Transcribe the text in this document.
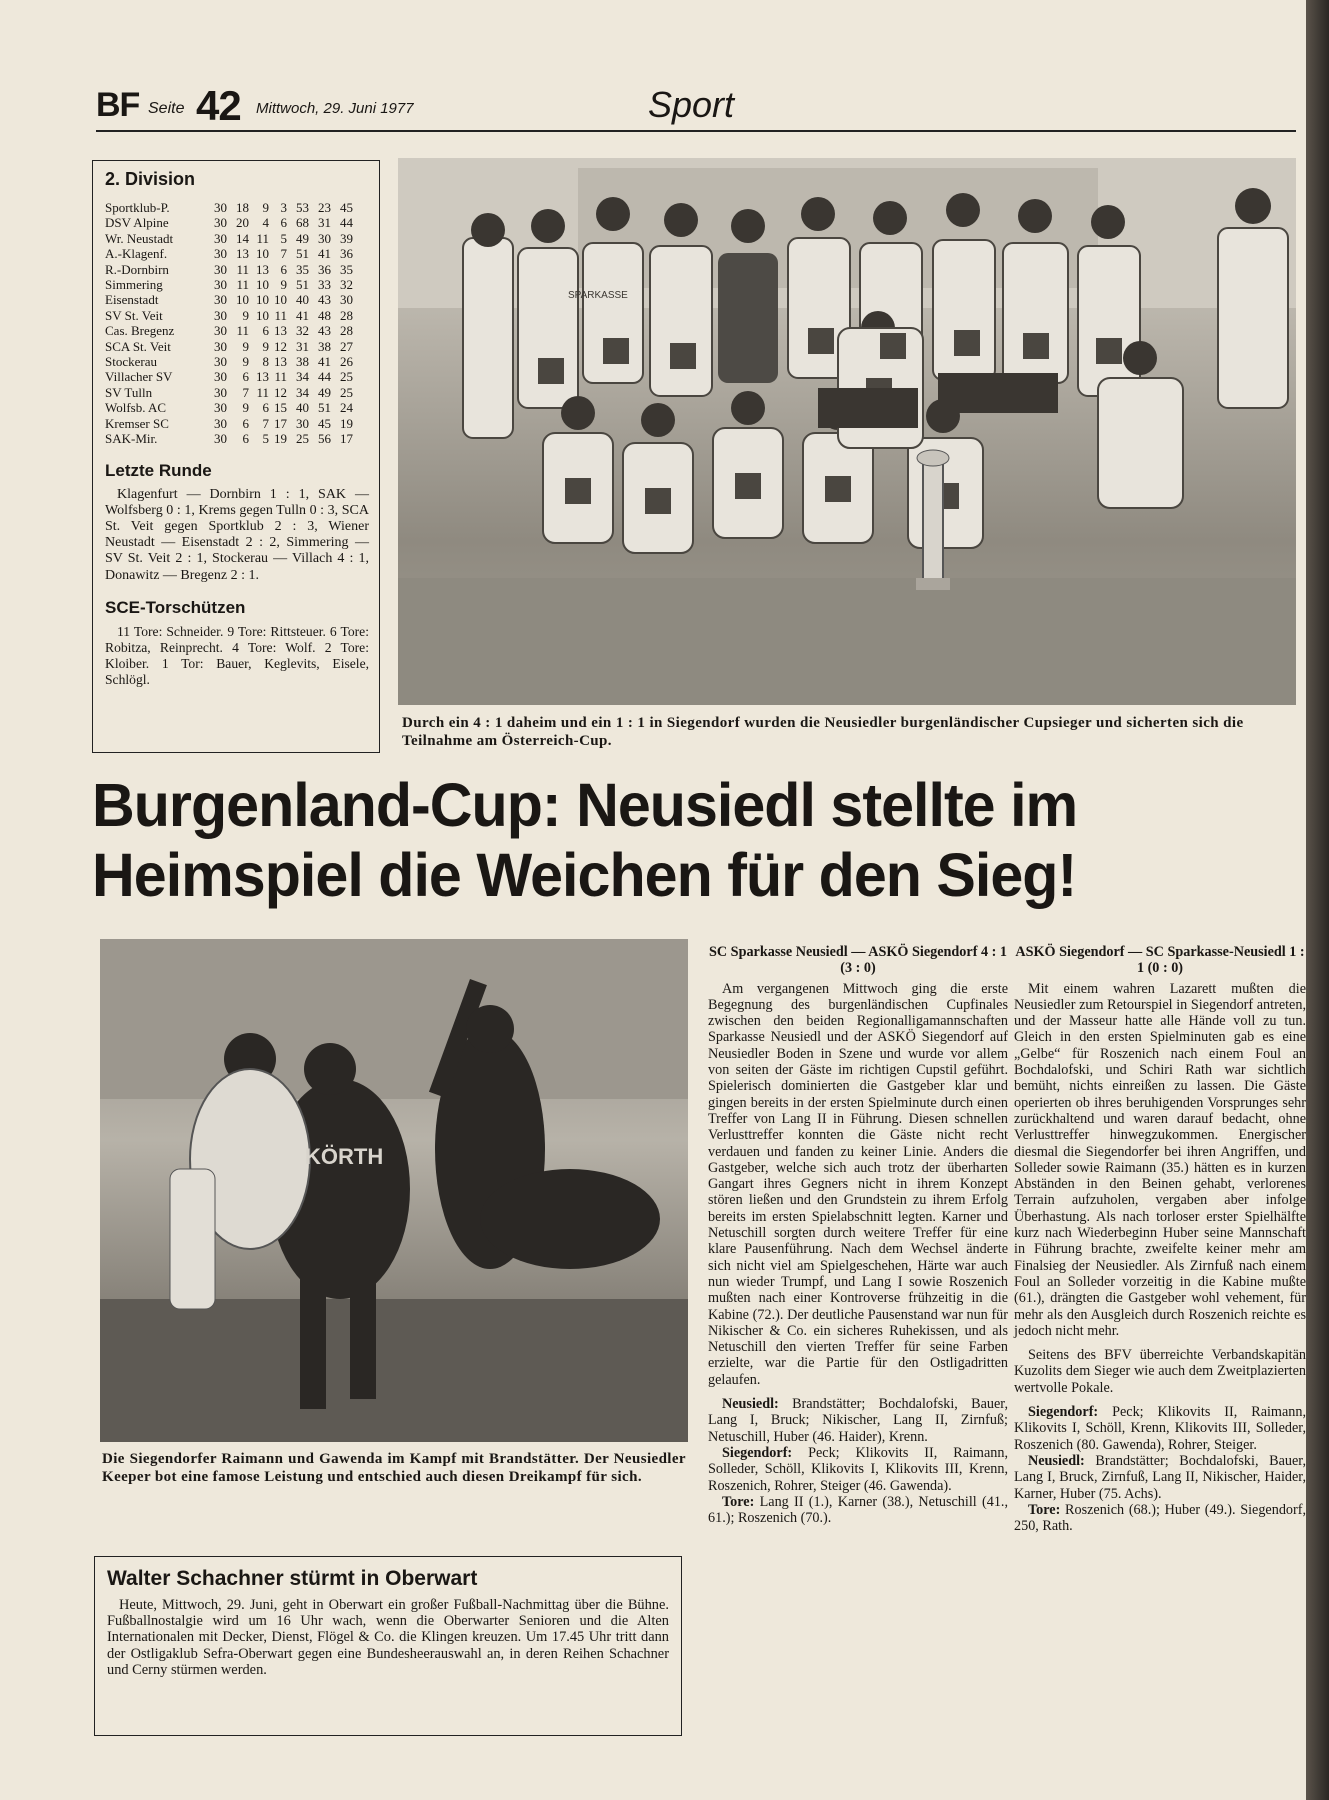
BF Seite 42 Mittwoch, 29. Juni 1977	Sport
2. Division
Sportklub-P.	30 18	9 3 53 23 45
DSV Alpine	30 20	4 6 68 31 44
Wr. Neustadt	30 14 11 5 49 30 39
A.-Klagenf.	30 13 10 7 51 41 36
R.-Dornbirn	30 11 13 6 35 36 35
Simmering	30 11 10 9 51 33 32
Eisenstadt	30 10 10 10 40 43 30
SV St. Veit	30	9 10 11 41 48 28
Cas. Bregenz	30 11	6 13 32 43 28
SCA St. Veit	30	9	9 12 31 38 27
Stockerau	30	9	8 13 38 41 26
Villacher SV	30	6 13 11 34 44 25
SV Tulln	30	7 11 12 34 49 25
Wolfsb. AC	30	9	6 15 40 51 24
Kremser SC	30	6	7 17 30 45 19
SAK-Mir.	30	6	5 19 25 56 17
Letzte Runde
Klagenfurt — Dornbirn 1 : 1, SAK — Wolfsberg 0 : 1, Krems gegen Tulln 0 : 3, SCA St. Veit gegen Sportklub 2 : 3, Wiener Neustadt — Eisenstadt 2 : 2, Simmering — SV St. Veit 2 : 1, Stockerau — Villach 4 : 1, Donawitz — Bregenz 2 : 1.
SCE-Torschützen
11 Tore: Schneider. 9 Tore: Rittsteuer. 6 Tore: Robitza, Reinprecht. 4 Tore: Wolf. 2 Tore: Kloiber. 1 Tor: Bauer, Keglevits, Eisele, Schlögl.
SPARKASSE
Durch ein 4 : 1 daheim und ein 1 : 1 in Siegendorf wurden die Neusiedler burgenländischer Cupsieger und sicherten sich die Teilnahme am Österreich-Cup.
Burgenland-Cup: Neusiedl stellte im
Heimspiel die Weichen für den Sieg!
KÖRTH
Die Siegendorfer Raimann und Gawenda im Kampf mit Brandstätter. Der Neusiedler Keeper bot eine famose Leistung und entschied auch diesen Dreikampf für sich.
SC Sparkasse Neusiedl — ASKÖ Siegendorf 4 : 1 (3 : 0)

Am vergangenen Mittwoch ging die erste Begegnung des burgenländischen Cupfinales zwischen den beiden Regionalligamannschaften Sparkasse Neusiedl und der ASKÖ Siegendorf auf Neusiedler Boden in Szene und wurde vor allem von seiten der Gäste im richtigen Cupstil geführt. Spielerisch dominierten die Gastgeber klar und gingen bereits in der ersten Spielminute durch einen Treffer von Lang II in Führung. Diesen schnellen Verlusttreffer konnten die Gäste nicht recht verdauen und fanden zu keiner Linie. Anders die Gastgeber, welche sich auch trotz der überharten Gangart ihres Gegners nicht in ihrem Konzept stören ließen und den Grundstein zu ihrem Erfolg bereits im ersten Spielabschnitt legten. Karner und Netuschill sorgten durch weitere Treffer für eine klare Pausenführung. Nach dem Wechsel änderte sich nicht viel am Spielgeschehen, Härte war auch nun wieder Trumpf, und Lang I sowie Roszenich mußten nach einer Kontroverse frühzeitig in die Kabine (72.). Der deutliche Pausenstand war nun für Nikischer & Co. ein sicheres Ruhekissen, und als Netuschill den vierten Treffer für seine Farben erzielte, war die Partie für den Ostligadritten gelaufen.

Neusiedl: Brandstätter; Bochdalofski, Bauer, Lang I, Bruck; Nikischer, Lang II, Zirnfuß; Netuschill, Huber (46. Haider), Krenn.

Siegendorf: Peck; Klikovits II, Raimann, Solleder, Schöll, Klikovits I, Klikovits III, Krenn, Roszenich, Rohrer, Steiger (46. Gawenda).

Tore: Lang II (1.), Karner (38.), Netuschill (41., 61.); Roszenich (70.).

ASKÖ Siegendorf — SC Sparkasse-Neusiedl 1 : 1 (0 : 0)

Mit einem wahren Lazarett mußten die Neusiedler zum Retourspiel in Siegendorf antreten, und der Masseur hatte alle Hände voll zu tun. Gleich in den ersten Spielminuten gab es eine „Gelbe“ für Roszenich nach einem Foul an Bochdalofski, und Schiri Rath war sichtlich bemüht, nichts einreißen zu lassen. Die Gäste operierten ob ihres beruhigenden Vorsprunges sehr zurückhaltend und waren darauf bedacht, ohne Verlusttreffer hinwegzukommen. Energischer diesmal die Siegendorfer bei ihren Angriffen, und Solleder sowie Raimann (35.) hätten es in kurzen Abständen in den Beinen gehabt, verlorenes Terrain aufzuholen, vergaben aber infolge Überhastung. Als nach torloser erster Spielhälfte kurz nach Wiederbeginn Huber seine Mannschaft in Führung brachte, zweifelte keiner mehr am Finalsieg der Neusiedler. Als Zirnfuß nach einem Foul an Solleder vorzeitig in die Kabine mußte (61.), drängten die Gastgeber wohl vehement, für mehr als den Ausgleich durch Roszenich reichte es jedoch nicht mehr.

Seitens des BFV überreichte Verbandskapitän Kuzolits dem Sieger wie auch dem Zweitplazierten wertvolle Pokale.

Siegendorf: Peck; Klikovits II, Raimann, Klikovits I, Schöll, Krenn, Klikovits III, Solleder, Roszenich (80. Gawenda), Rohrer, Steiger.

Neusiedl: Brandstätter; Bochdalofski, Bauer, Lang I, Bruck, Zirnfuß, Lang II, Nikischer, Haider, Karner, Huber (75. Achs).

Tore: Roszenich (68.); Huber (49.). Siegendorf, 250, Rath.

Walter Schachner stürmt in Oberwart
Heute, Mittwoch, 29. Juni, geht in Oberwart ein großer Fußball-Nachmittag über die Bühne. Fußballnostalgie wird um 16 Uhr wach, wenn die Oberwarter Senioren und die Alten Internationalen mit Decker, Dienst, Flögel & Co. die Klingen kreuzen. Um 17.45 Uhr tritt dann der Ostligaklub Sefra-Oberwart gegen eine Bundesheerauswahl an, in deren Reihen Schachner und Cerny stürmen werden.
